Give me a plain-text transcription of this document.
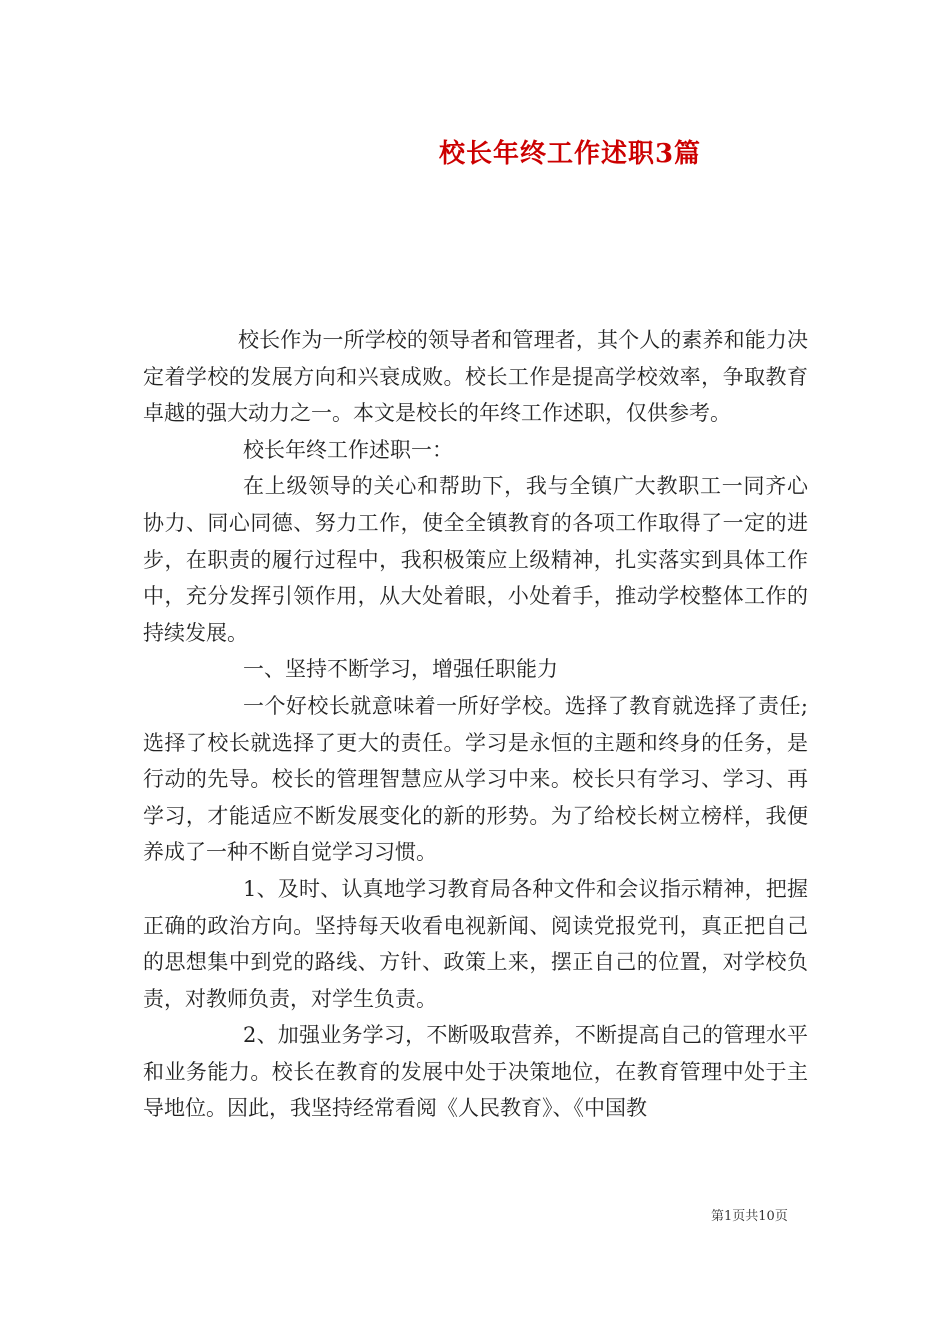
校长年终工作述职3篇

校长作为一所学校的领导者和管理者，其个人的素养和能力决定着学校的发展方向和兴衰成败。校长工作是提高学校效率，争取教育卓越的强大动力之一。本文是校长的年终工作述职，仅供参考。

校长年终工作述职一：

在上级领导的关心和帮助下，我与全镇广大教职工一同齐心协力、同心同德、努力工作，使全全镇教育的各项工作取得了一定的进步，在职责的履行过程中，我积极策应上级精神，扎实落实到具体工作中，充分发挥引领作用，从大处着眼，小处着手，推动学校整体工作的持续发展。

一、坚持不断学习，增强任职能力

一个好校长就意味着一所好学校。选择了教育就选择了责任;选择了校长就选择了更大的责任。学习是永恒的主题和终身的任务，是行动的先导。校长的管理智慧应从学习中来。校长只有学习、学习、再学习，才能适应不断发展变化的新的形势。为了给校长树立榜样，我便养成了一种不断自觉学习习惯。

1、及时、认真地学习教育局各种文件和会议指示精神，把握正确的政治方向。坚持每天收看电视新闻、阅读党报党刊，真正把自己的思想集中到党的路线、方针、政策上来，摆正自己的位置，对学校负责，对教师负责，对学生负责。

2、加强业务学习，不断吸取营养，不断提高自己的管理水平和业务能力。校长在教育的发展中处于决策地位，在教育管理中处于主导地位。因此，我坚持经常看阅《人民教育》、《中国教

第1页共10页
